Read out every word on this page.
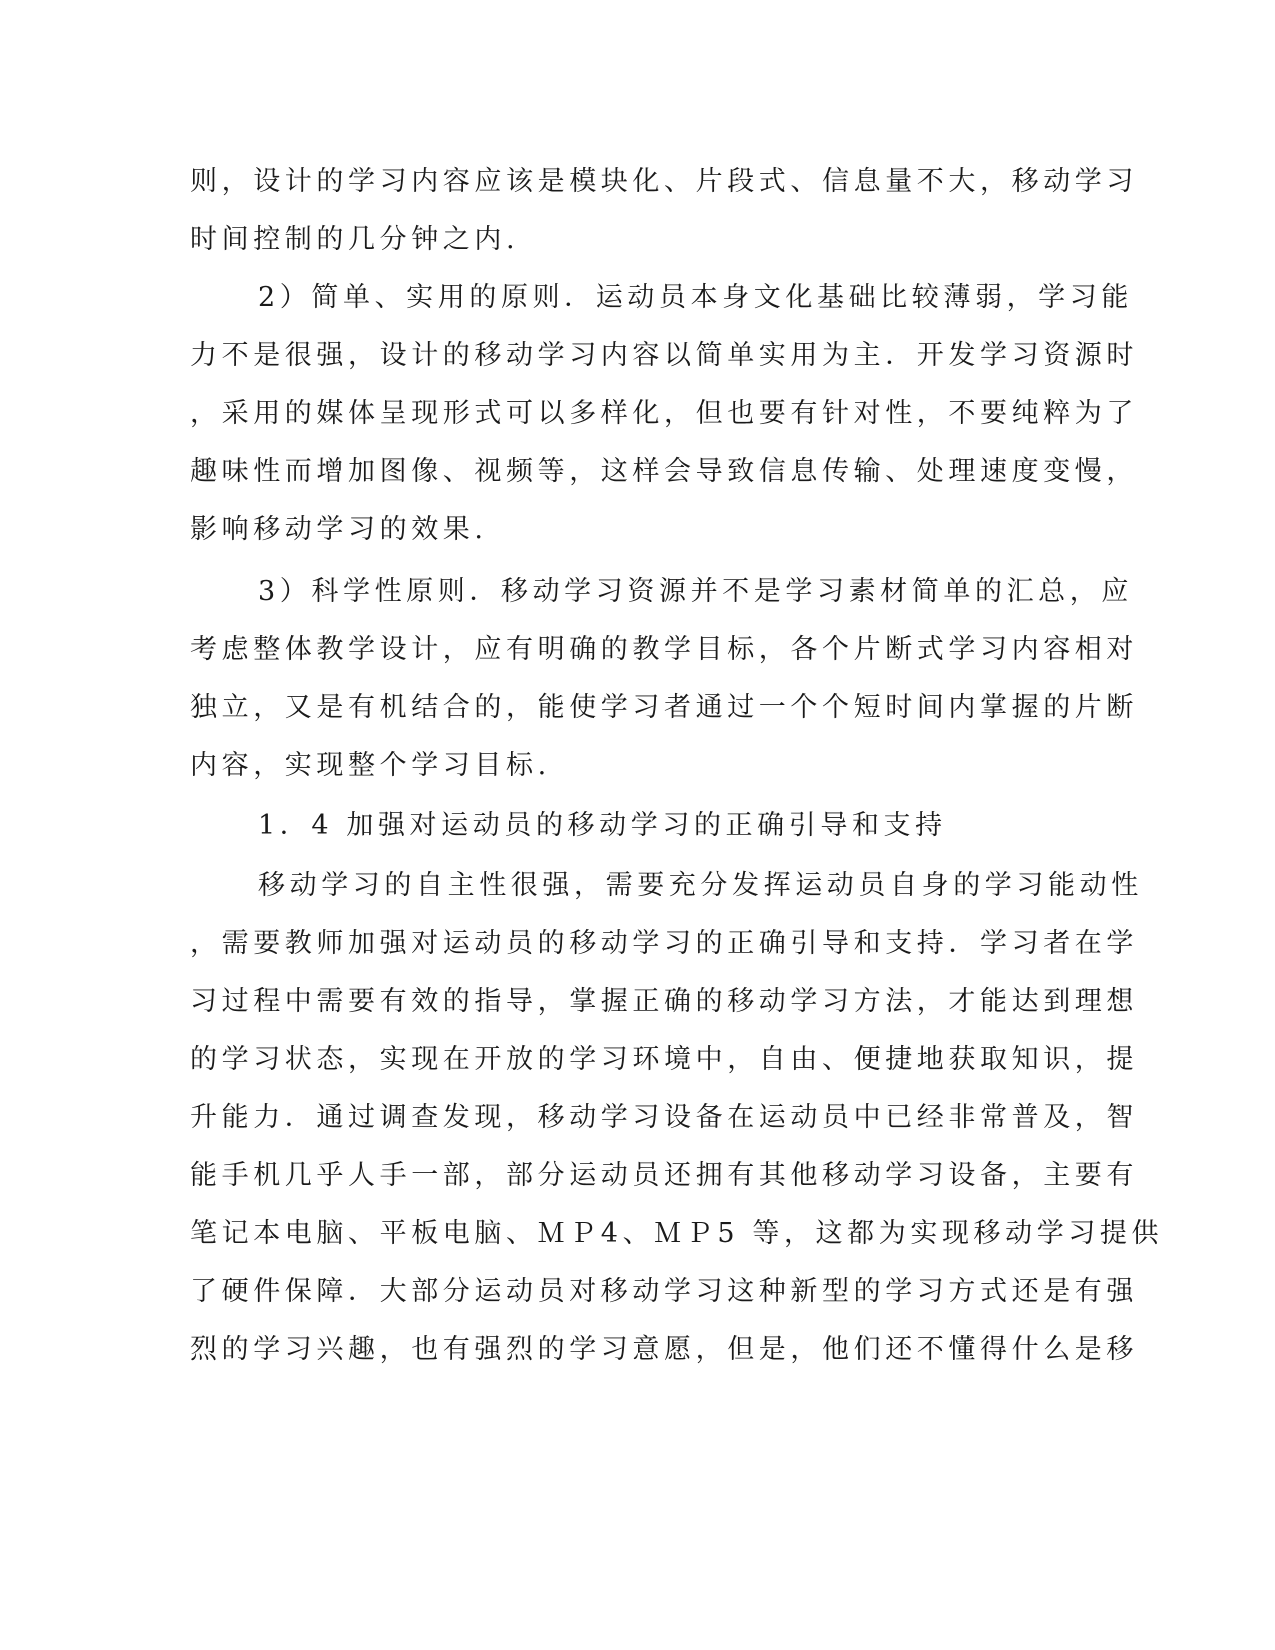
则，设计的学习内容应该是模块化、片段式、信息量不大，移动学习
时间控制的几分钟之内.
2）简单、实用的原则．运动员本身文化基础比较薄弱，学习能
力不是很强，设计的移动学习内容以简单实用为主．开发学习资源时
，采用的媒体呈现形式可以多样化，但也要有针对性，不要纯粹为了
趣味性而增加图像、视频等，这样会导致信息传输、处理速度变慢，
影响移动学习的效果.
3）科学性原则．移动学习资源并不是学习素材简单的汇总，应
考虑整体教学设计，应有明确的教学目标，各个片断式学习内容相对
独立，又是有机结合的，能使学习者通过一个个短时间内掌握的片断
内容，实现整个学习目标.
1．4 加强对运动员的移动学习的正确引导和支持
移动学习的自主性很强，需要充分发挥运动员自身的学习能动性
，需要教师加强对运动员的移动学习的正确引导和支持．学习者在学
习过程中需要有效的指导，掌握正确的移动学习方法，才能达到理想
的学习状态，实现在开放的学习环境中，自由、便捷地获取知识，提
升能力．通过调查发现，移动学习设备在运动员中已经非常普及，智
能手机几乎人手一部，部分运动员还拥有其他移动学习设备，主要有
笔记本电脑、平板电脑、ＭＰ4、ＭＰ5 等，这都为实现移动学习提供
了硬件保障．大部分运动员对移动学习这种新型的学习方式还是有强
烈的学习兴趣，也有强烈的学习意愿，但是，他们还不懂得什么是移
